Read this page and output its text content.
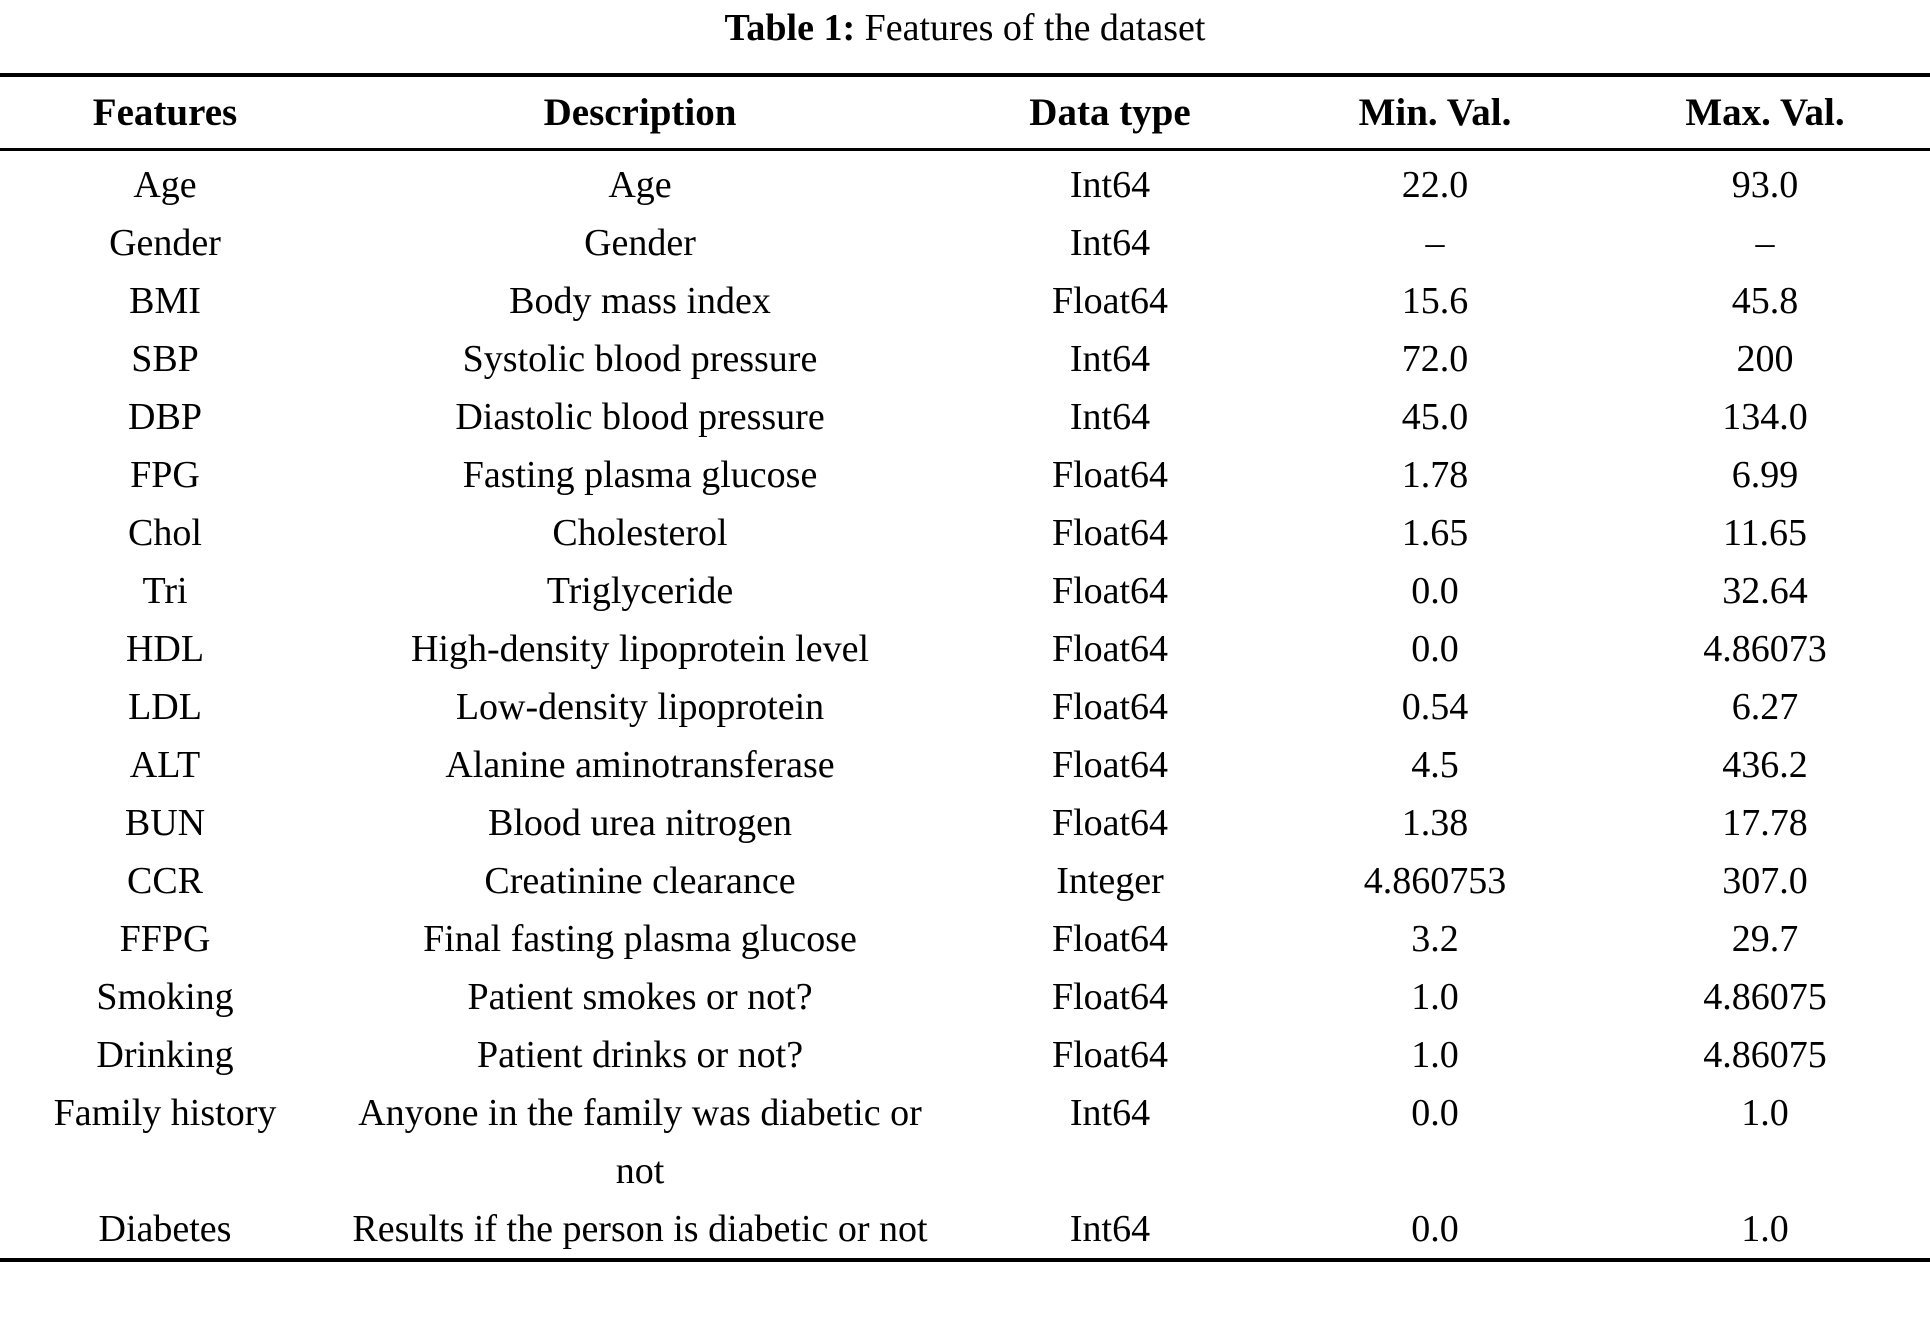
Table 1: Features of the dataset
Features	Description	Data type	Min. Val.	Max. Val.
Age	Age	Int64	22.0	93.0
Gender	Gender	Int64	–	–
BMI	Body mass index	Float64	15.6	45.8
SBP	Systolic blood pressure	Int64	72.0	200
DBP	Diastolic blood pressure	Int64	45.0	134.0
FPG	Fasting plasma glucose	Float64	1.78	6.99
Chol	Cholesterol	Float64	1.65	11.65
Tri	Triglyceride	Float64	0.0	32.64
HDL	High-density lipoprotein level	Float64	0.0	4.86073
LDL	Low-density lipoprotein	Float64	0.54	6.27
ALT	Alanine aminotransferase	Float64	4.5	436.2
BUN	Blood urea nitrogen	Float64	1.38	17.78
CCR	Creatinine clearance	Integer	4.860753	307.0
FFPG	Final fasting plasma glucose	Float64	3.2	29.7
Smoking	Patient smokes or not?	Float64	1.0	4.86075
Drinking	Patient drinks or not?	Float64	1.0	4.86075
Family history	Anyone in the family was diabetic or not	Int64	0.0	1.0
Diabetes	Results if the person is diabetic or not	Int64	0.0	1.0
